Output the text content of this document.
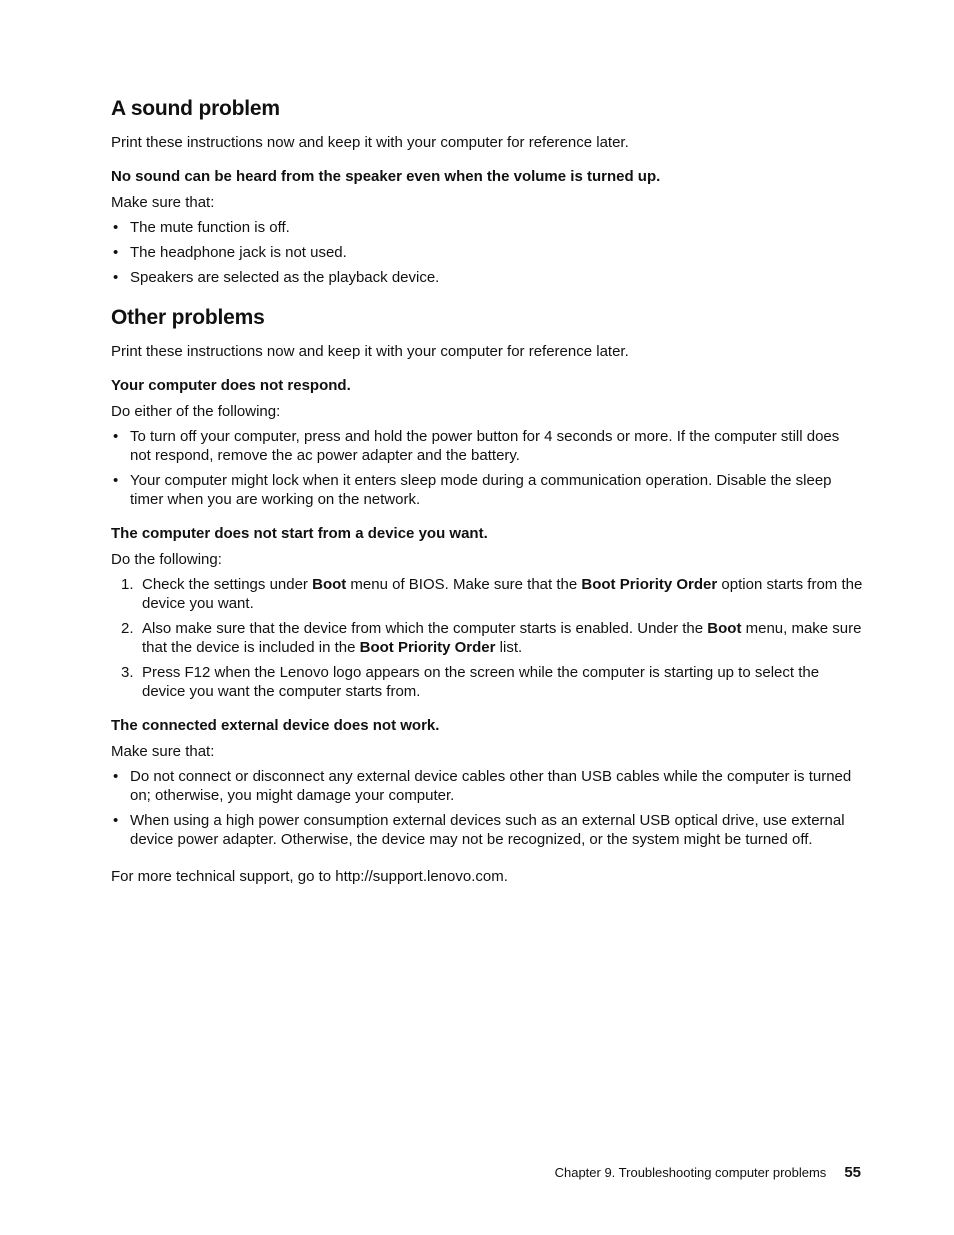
A sound problem

Print these instructions now and keep it with your computer for reference later.

No sound can be heard from the speaker even when the volume is turned up.

Make sure that:

• The mute function is off.
• The headphone jack is not used.
• Speakers are selected as the playback device.
Other problems

Print these instructions now and keep it with your computer for reference later.

Your computer does not respond.

Do either of the following:

• To turn off your computer, press and hold the power button for 4 seconds or more. If the computer still does not respond, remove the ac power adapter and the battery.
• Your computer might lock when it enters sleep mode during a communication operation. Disable the sleep timer when you are working on the network.

The computer does not start from a device you want.

Do the following:

1. Check the settings under Boot menu of BIOS. Make sure that the Boot Priority Order option starts from the device you want.
2. Also make sure that the device from which the computer starts is enabled. Under the Boot menu, make sure that the device is included in the Boot Priority Order list.
3. Press F12 when the Lenovo logo appears on the screen while the computer is starting up to select the device you want the computer starts from.

The connected external device does not work.

Make sure that:

• Do not connect or disconnect any external device cables other than USB cables while the computer is turned on; otherwise, you might damage your computer.
• When using a high power consumption external devices such as an external USB optical drive, use external device power adapter. Otherwise, the device may not be recognized, or the system might be turned off.

For more technical support, go to http://support.lenovo.com.

Chapter 9. Troubleshooting computer problems 55
